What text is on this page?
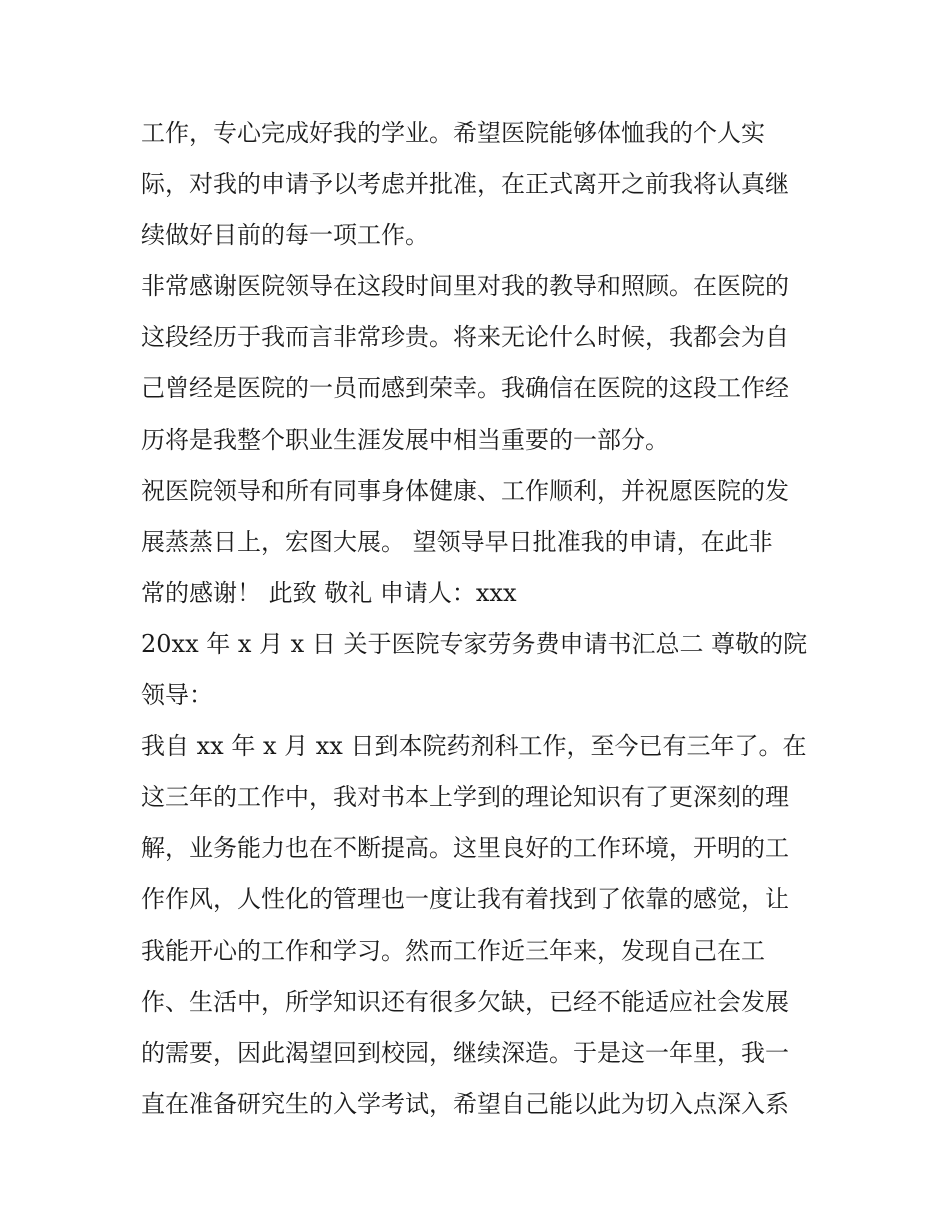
工作，专心完成好我的学业。希望医院能够体恤我的个人实
际，对我的申请予以考虑并批准，在正式离开之前我将认真继
续做好目前的每一项工作。
非常感谢医院领导在这段时间里对我的教导和照顾。在医院的
这段经历于我而言非常珍贵。将来无论什么时候，我都会为自
己曾经是医院的一员而感到荣幸。我确信在医院的这段工作经
历将是我整个职业生涯发展中相当重要的一部分。
祝医院领导和所有同事身体健康、工作顺利，并祝愿医院的发
展蒸蒸日上，宏图大展。 望领导早日批准我的申请，在此非
常的感谢！ 此致 敬礼 申请人：xxx
20xx 年 x 月 x 日 关于医院专家劳务费申请书汇总二 尊敬的院
领导：
我自 xx 年 x 月 xx 日到本院药剂科工作，至今已有三年了。在
这三年的工作中，我对书本上学到的理论知识有了更深刻的理
解，业务能力也在不断提高。这里良好的工作环境，开明的工
作作风，人性化的管理也一度让我有着找到了依靠的感觉，让
我能开心的工作和学习。然而工作近三年来，发现自己在工
作、生活中，所学知识还有很多欠缺，已经不能适应社会发展
的需要，因此渴望回到校园，继续深造。于是这一年里，我一
直在准备研究生的入学考试，希望自己能以此为切入点深入系
